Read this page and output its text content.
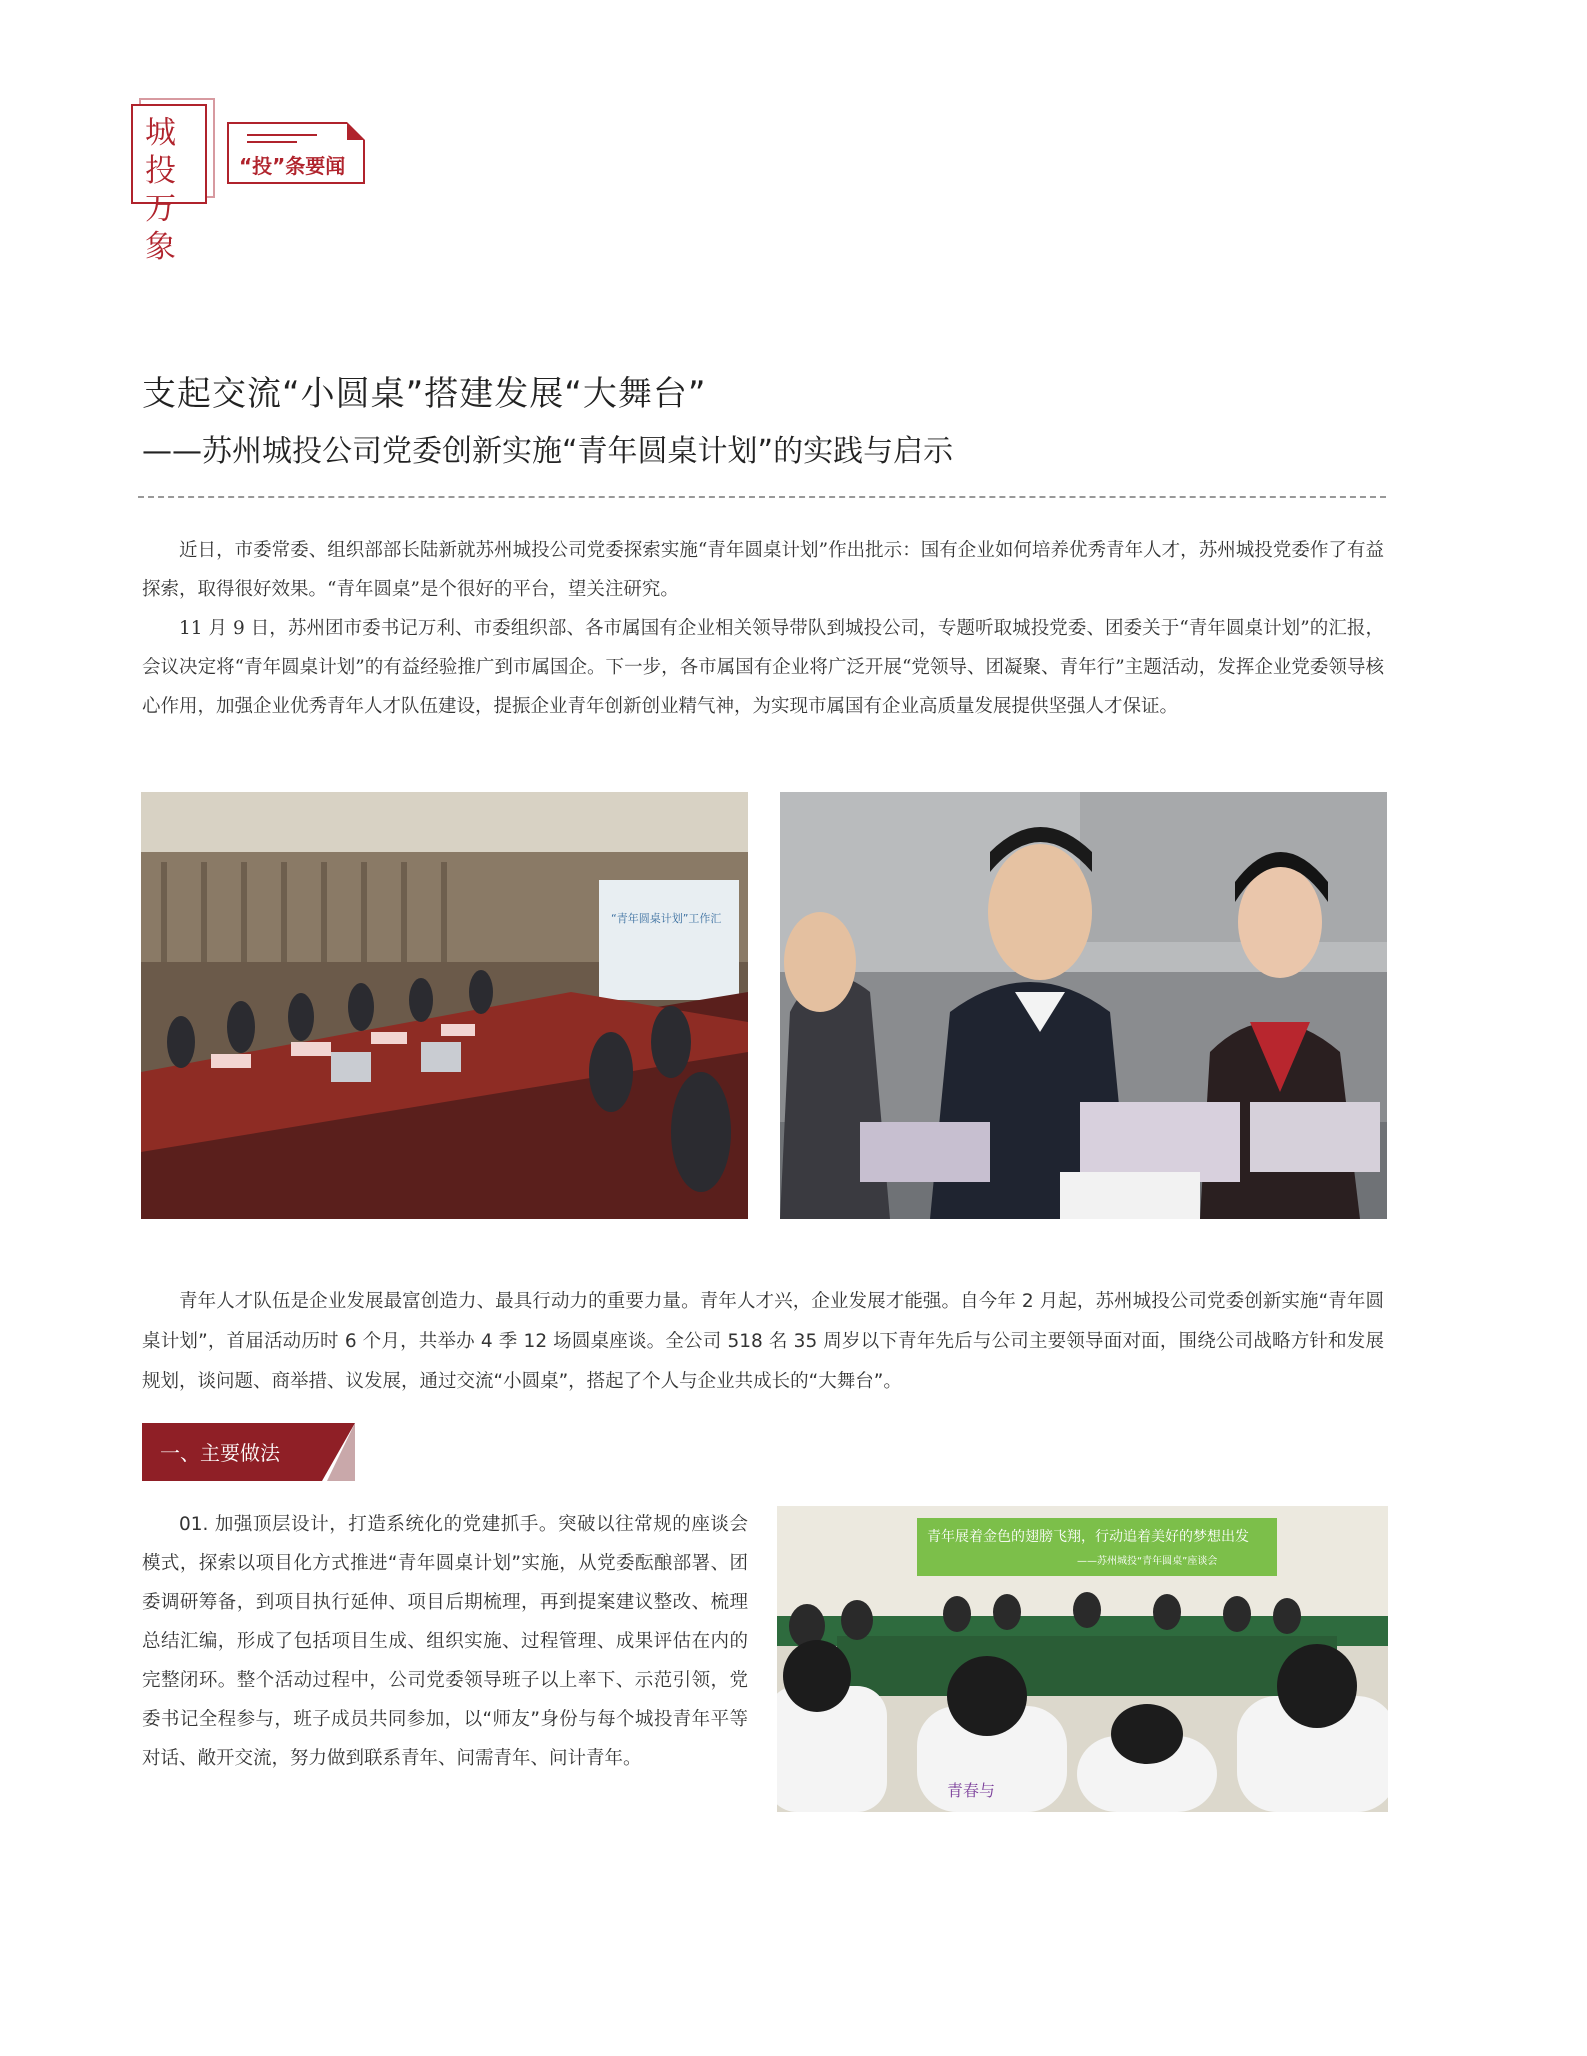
城投万象
“投”条要闻
支起交流“小圆桌”搭建发展“大舞台”
——苏州城投公司党委创新实施“青年圆桌计划”的实践与启示
近日，市委常委、组织部部长陆新就苏州城投公司党委探索实施“青年圆桌计划”作出批示：国有企业如何培养优秀青年人才，苏州城投党委作了有益探索，取得很好效果。“青年圆桌”是个很好的平台，望关注研究。
11 月 9 日，苏州团市委书记万利、市委组织部、各市属国有企业相关领导带队到城投公司，专题听取城投党委、团委关于“青年圆桌计划”的汇报，会议决定将“青年圆桌计划”的有益经验推广到市属国企。下一步，各市属国有企业将广泛开展“党领导、团凝聚、青年行”主题活动，发挥企业党委领导核心作用，加强企业优秀青年人才队伍建设，提振企业青年创新创业精气神，为实现市属国有企业高质量发展提供坚强人才保证。
“青年圆桌计划”工作汇
青年人才队伍是企业发展最富创造力、最具行动力的重要力量。青年人才兴，企业发展才能强。自今年 2 月起，苏州城投公司党委创新实施“青年圆桌计划”，首届活动历时 6 个月，共举办 4 季 12 场圆桌座谈。全公司 518 名 35 周岁以下青年先后与公司主要领导面对面，围绕公司战略方针和发展规划，谈问题、商举措、议发展，通过交流“小圆桌”，搭起了个人与企业共成长的“大舞台”。
一、主要做法
01. 加强顶层设计，打造系统化的党建抓手。突破以往常规的座谈会模式，探索以项目化方式推进“青年圆桌计划”实施，从党委酝酿部署、团委调研筹备，到项目执行延伸、项目后期梳理，再到提案建议整改、梳理总结汇编，形成了包括项目生成、组织实施、过程管理、成果评估在内的完整闭环。整个活动过程中，公司党委领导班子以上率下、示范引领，党委书记全程参与，班子成员共同参加，以“师友”身份与每个城投青年平等对话、敞开交流，努力做到联系青年、问需青年、问计青年。
青年展着金色的翅膀飞翔，行动追着美好的梦想出发
——苏州城投“青年圆桌”座谈会
青春与
